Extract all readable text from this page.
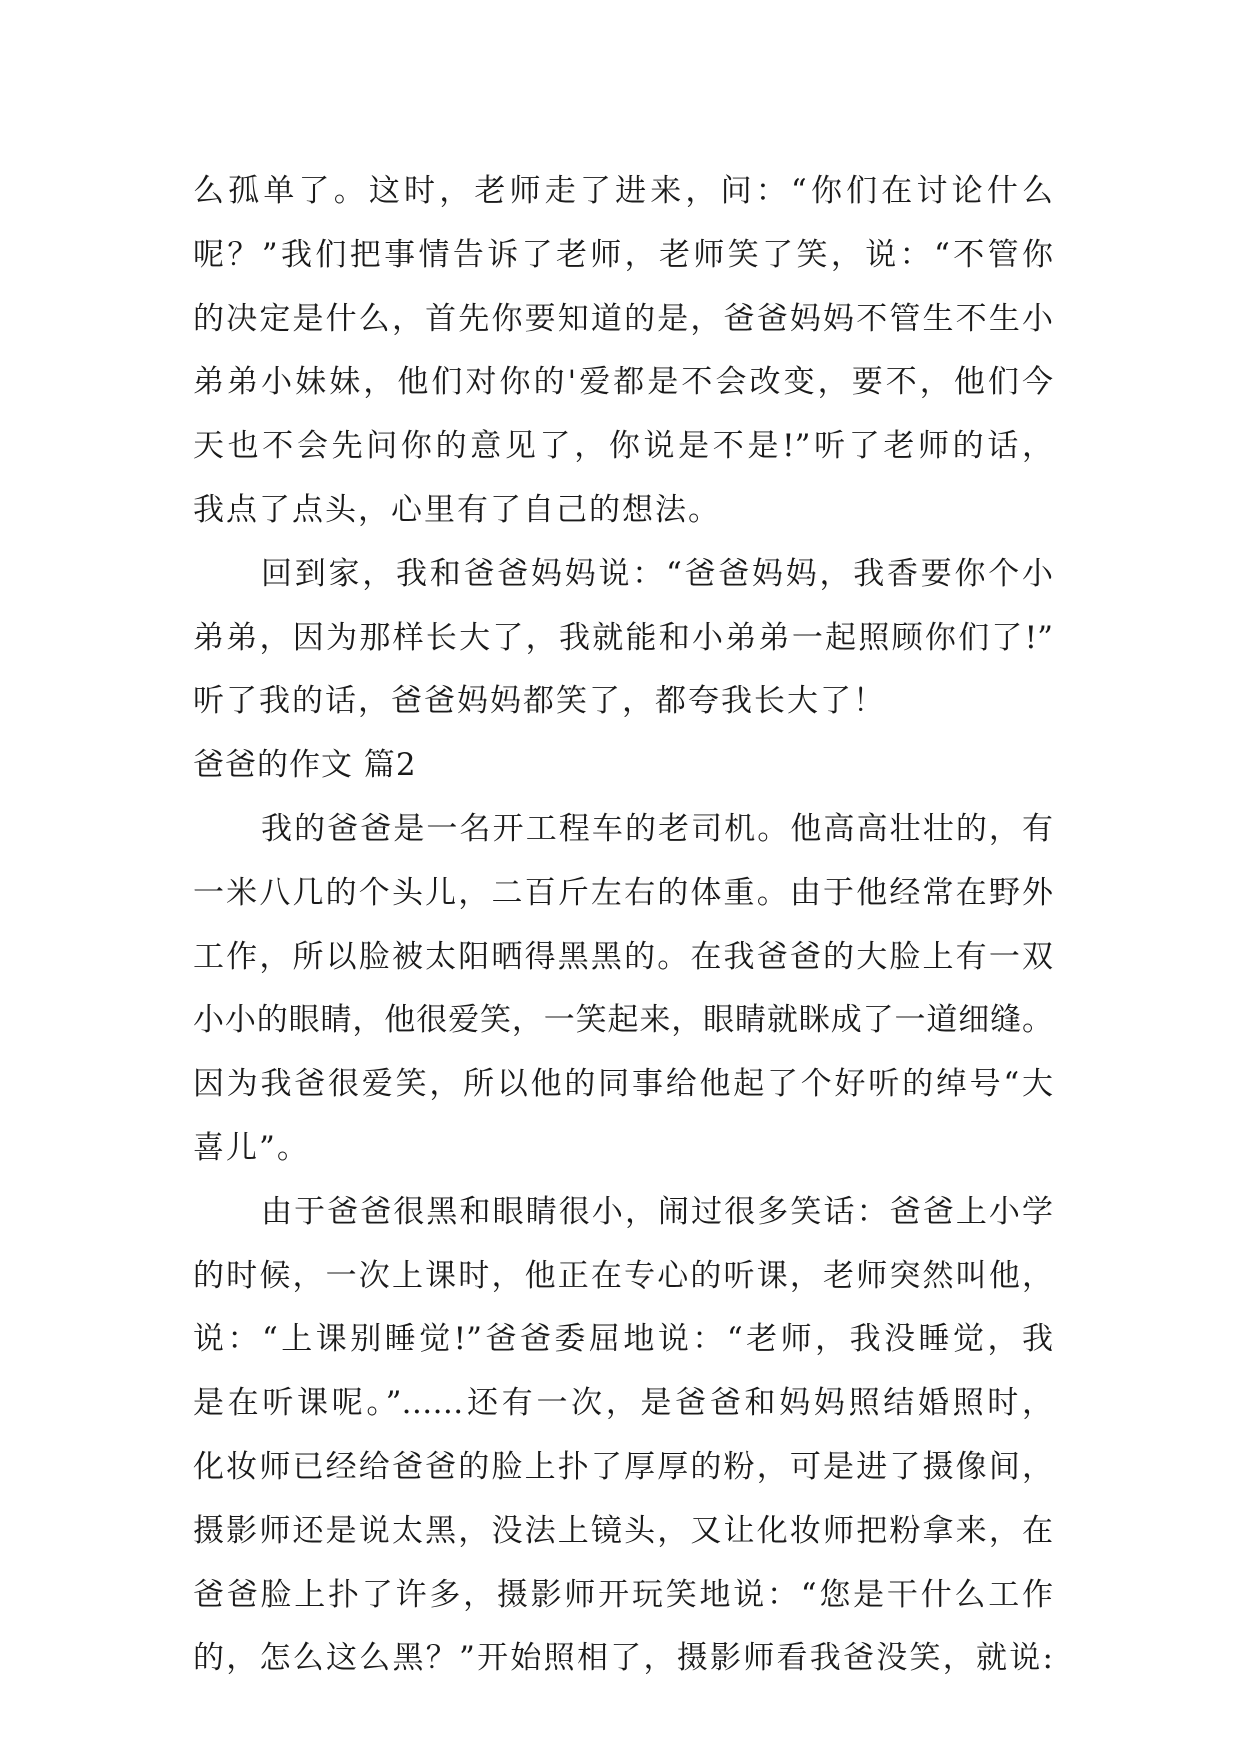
么孤单了。这时，老师走了进来，问：“你们在讨论什么
呢？”我们把事情告诉了老师，老师笑了笑，说：“不管你
的决定是什么，首先你要知道的是，爸爸妈妈不管生不生小
弟弟小妹妹，他们对你的'爱都是不会改变，要不，他们今
天也不会先问你的意见了，你说是不是!”听了老师的话，
我点了点头，心里有了自己的想法。
回到家，我和爸爸妈妈说：“爸爸妈妈，我香要你个小
弟弟，因为那样长大了，我就能和小弟弟一起照顾你们了!”
听了我的话，爸爸妈妈都笑了，都夸我长大了！
爸爸的作文 篇2
我的爸爸是一名开工程车的老司机。他高高壮壮的，有
一米八几的个头儿，二百斤左右的体重。由于他经常在野外
工作，所以脸被太阳晒得黑黑的。在我爸爸的大脸上有一双
小小的眼睛，他很爱笑，一笑起来，眼睛就眯成了一道细缝。
因为我爸很爱笑，所以他的同事给他起了个好听的绰号“大
喜儿”。
由于爸爸很黑和眼睛很小，闹过很多笑话：爸爸上小学
的时候，一次上课时，他正在专心的听课，老师突然叫他，
说：“上课别睡觉!”爸爸委屈地说：“老师，我没睡觉，我
是在听课呢。”……还有一次，是爸爸和妈妈照结婚照时，
化妆师已经给爸爸的脸上扑了厚厚的粉，可是进了摄像间，
摄影师还是说太黑，没法上镜头，又让化妆师把粉拿来，在
爸爸脸上扑了许多，摄影师开玩笑地说：“您是干什么工作
的，怎么这么黑？”开始照相了，摄影师看我爸没笑，就说:
